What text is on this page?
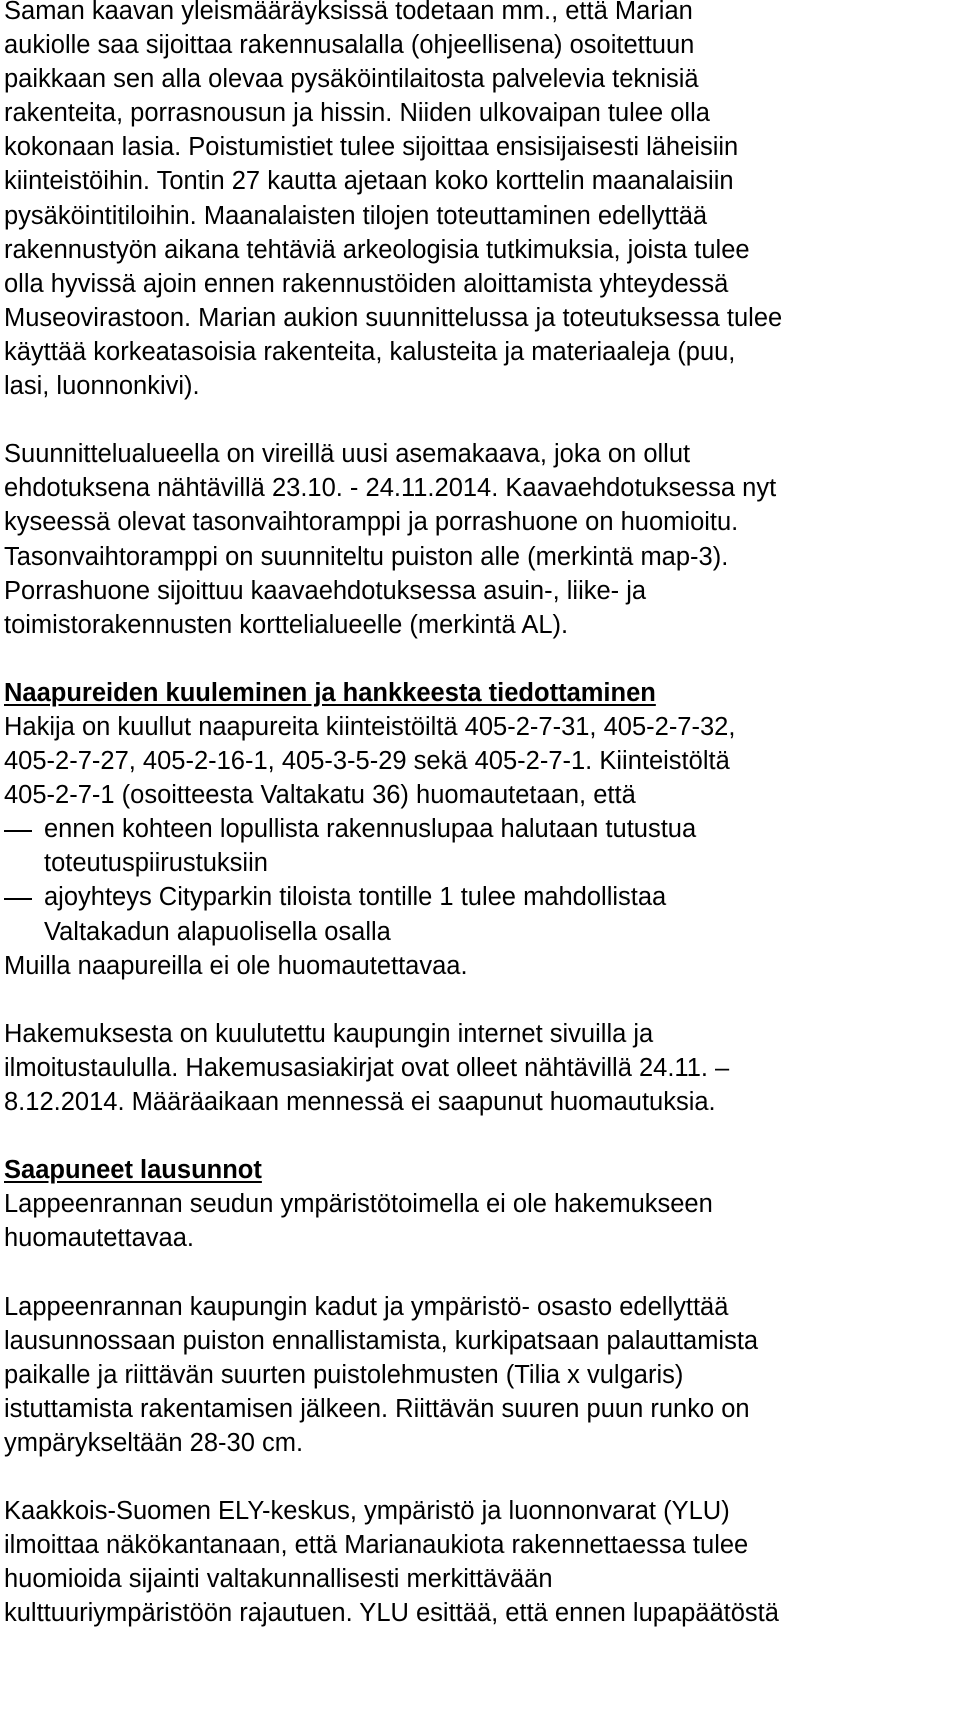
Saman kaavan yleismääräyksissä todetaan mm., että Marian
aukiolle saa sijoittaa rakennusalalla (ohjeellisena) osoitettuun
paikkaan sen alla olevaa pysäköintilaitosta palvelevia teknisiä
rakenteita, porrasnousun ja hissin. Niiden ulkovaipan tulee olla
kokonaan lasia. Poistumistiet tulee sijoittaa ensisijaisesti läheisiin
kiinteistöihin. Tontin 27 kautta ajetaan koko korttelin maanalaisiin
pysäköintitiloihin. Maanalaisten tilojen toteuttaminen edellyttää
rakennustyön aikana tehtäviä arkeologisia tutkimuksia, joista tulee
olla hyvissä ajoin ennen rakennustöiden aloittamista yhteydessä
Museovirastoon. Marian aukion suunnittelussa ja toteutuksessa tulee
käyttää korkeatasoisia rakenteita, kalusteita ja materiaaleja (puu,
lasi, luonnonkivi).
Suunnittelualueella on vireillä uusi asemakaava, joka on ollut
ehdotuksena nähtävillä 23.10. - 24.11.2014. Kaavaehdotuksessa nyt
kyseessä olevat tasonvaihtoramppi ja porrashuone on huomioitu.
Tasonvaihtoramppi on suunniteltu puiston alle (merkintä map-3).
Porrashuone sijoittuu kaavaehdotuksessa asuin-, liike- ja
toimistorakennusten korttelialueelle (merkintä AL).
Naapureiden kuuleminen ja hankkeesta tiedottaminen
Hakija on kuullut naapureita kiinteistöiltä 405-2-7-31, 405-2-7-32,
405-2-7-27, 405-2-16-1, 405-3-5-29 sekä 405-2-7-1. Kiinteistöltä
405-2-7-1 (osoitteesta Valtakatu 36) huomautetaan, että
ennen kohteen lopullista rakennuslupaa halutaan tutustua
toteutuspiirustuksiin
ajoyhteys Cityparkin tiloista tontille 1 tulee mahdollistaa
Valtakadun alapuolisella osalla
Muilla naapureilla ei ole huomautettavaa.
Hakemuksesta on kuulutettu kaupungin internet sivuilla ja
ilmoitustaululla. Hakemusasiakirjat ovat olleet nähtävillä 24.11. –
8.12.2014. Määräaikaan mennessä ei saapunut huomautuksia.
Saapuneet lausunnot
Lappeenrannan seudun ympäristötoimella ei ole hakemukseen
huomautettavaa.
Lappeenrannan kaupungin kadut ja ympäristö- osasto edellyttää
lausunnossaan puiston ennallistamista, kurkipatsaan palauttamista
paikalle ja riittävän suurten puistolehmusten (Tilia x vulgaris)
istuttamista rakentamisen jälkeen. Riittävän suuren puun runko on
ympärykseltään 28-30 cm.
Kaakkois-Suomen ELY-keskus, ympäristö ja luonnonvarat (YLU)
ilmoittaa näkökantanaan, että Marianaukiota rakennettaessa tulee
huomioida sijainti valtakunnallisesti merkittävään
kulttuuriympäristöön rajautuen. YLU esittää, että ennen lupapäätöstä
